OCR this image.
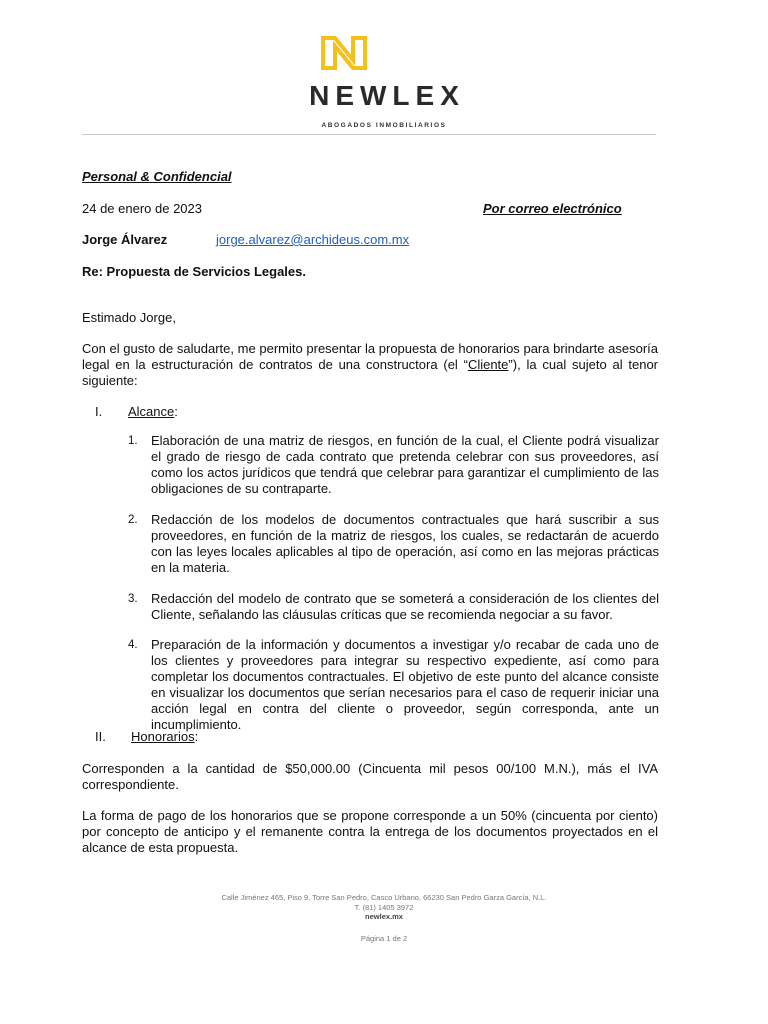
NEWLEX
ABOGADOS INMOBILIARIOS
Personal & Confidencial
24 de enero de 2023	Por correo electrónico
Jorge Álvarez	jorge.alvarez@archideus.com.mx
Re: Propuesta de Servicios Legales.
Estimado Jorge,
Con el gusto de saludarte, me permito presentar la propuesta de honorarios para brindarte asesoría legal en la estructuración de contratos de una constructora (el “Cliente”), la cual sujeto al tenor siguiente:
I. Alcance:
1. Elaboración de una matriz de riesgos, en función de la cual, el Cliente podrá visualizar el grado de riesgo de cada contrato que pretenda celebrar con sus proveedores, así como los actos jurídicos que tendrá que celebrar para garantizar el cumplimiento de las obligaciones de su contraparte.
2. Redacción de los modelos de documentos contractuales que hará suscribir a sus proveedores, en función de la matriz de riesgos, los cuales, se redactarán de acuerdo con las leyes locales aplicables al tipo de operación, así como en las mejoras prácticas en la materia.
3. Redacción del modelo de contrato que se someterá a consideración de los clientes del Cliente, señalando las cláusulas críticas que se recomienda negociar a su favor.
4. Preparación de la información y documentos a investigar y/o recabar de cada uno de los clientes y proveedores para integrar su respectivo expediente, así como para completar los documentos contractuales. El objetivo de este punto del alcance consiste en visualizar los documentos que serían necesarios para el caso de requerir iniciar una acción legal en contra del cliente o proveedor, según corresponda, ante un incumplimiento.
II. Honorarios:
Corresponden a la cantidad de $50,000.00 (Cincuenta mil pesos 00/100 M.N.), más el IVA correspondiente.
La forma de pago de los honorarios que se propone corresponde a un 50% (cincuenta por ciento) por concepto de anticipo y el remanente contra la entrega de los documentos proyectados en el alcance de esta propuesta.
Calle Jiménez 465, Piso 9, Torre San Pedro, Casco Urbano, 66230 San Pedro Garza García, N.L.
T. (81) 1405 3972
newlex.mx
Página 1 de 2
